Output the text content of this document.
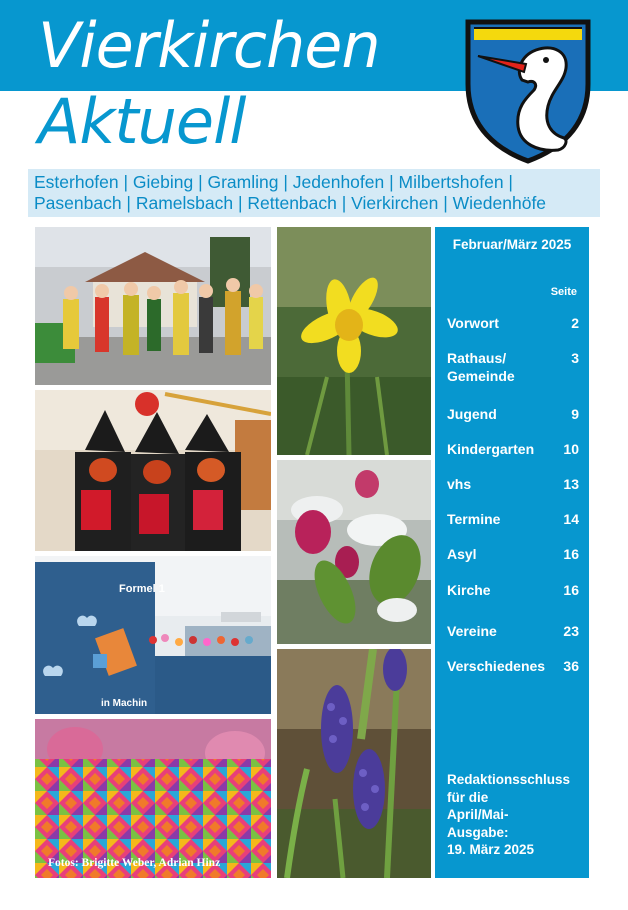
Vierkirchen
Aktuell
Esterhofen | Giebing | Gramling | Jedenhofen | Milbertshofen |
Pasenbach | Ramelsbach | Rettenbach | Vierkirchen | Wiedenhöfe
Formel 1
in Machin
Fotos: Brigitte Weber, Adrian Hinz
Februar/März 2025
Seite
Vorwort	2
Rathaus/
Gemeinde
3
Jugend	9
Kindergarten 10
vhs	13
Termine	14
Asyl	16
Kirche	16
Vereine	23
Verschiedenes 36
Redaktionsschluss
für die
April/Mai-
Ausgabe:
19. März 2025
